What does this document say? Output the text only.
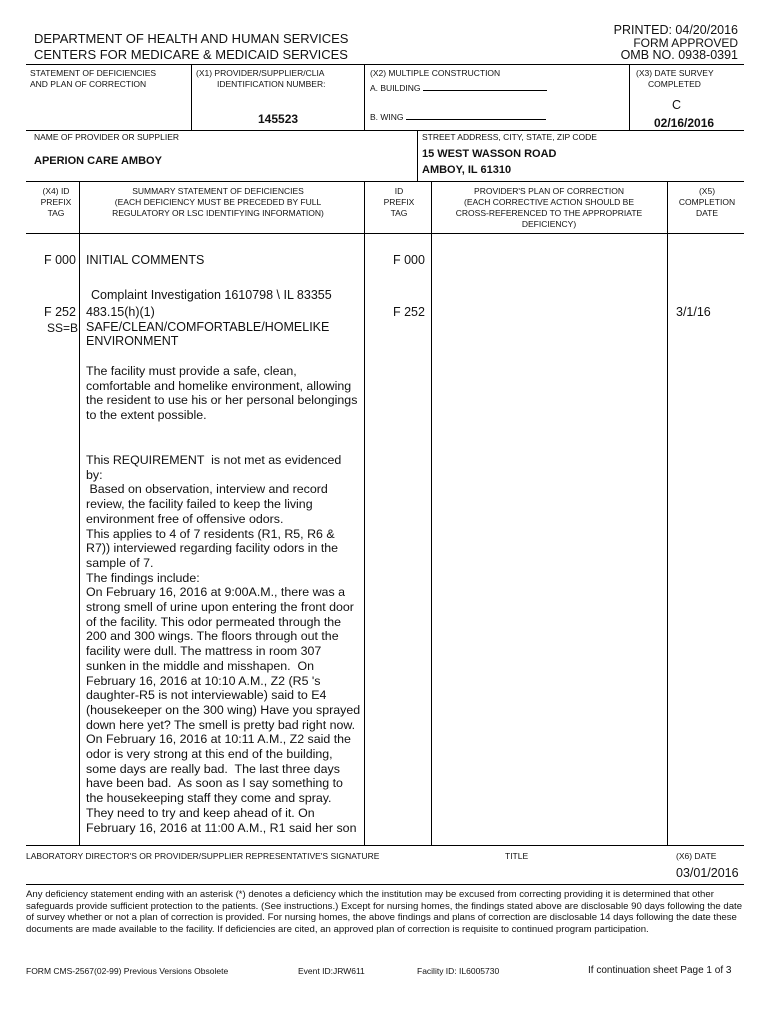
DEPARTMENT OF HEALTH AND HUMAN SERVICES
CENTERS FOR MEDICARE & MEDICAID SERVICES
PRINTED: 04/20/2016
FORM APPROVED
OMB NO. 0938-0391
STATEMENT OF DEFICIENCIES
AND PLAN OF CORRECTION
(X1) PROVIDER/SUPPLIER/CLIA
IDENTIFICATION NUMBER:
145523
(X2) MULTIPLE CONSTRUCTION
A. BUILDING
B. WING
(X3) DATE SURVEY
COMPLETED
C
02/16/2016
NAME OF PROVIDER OR SUPPLIER
APERION CARE AMBOY
STREET ADDRESS, CITY, STATE, ZIP CODE
15 WEST WASSON ROAD
AMBOY, IL 61310
(X4) ID
PREFIX
TAG
SUMMARY STATEMENT OF DEFICIENCIES
(EACH DEFICIENCY MUST BE PRECEDED BY FULL
REGULATORY OR LSC IDENTIFYING INFORMATION)
ID
PREFIX
TAG
PROVIDER'S PLAN OF CORRECTION
(EACH CORRECTIVE ACTION SHOULD BE
CROSS-REFERENCED TO THE APPROPRIATE
DEFICIENCY)
(X5)
COMPLETION
DATE
F 000 INITIAL COMMENTS	F 000
Complaint Investigation 1610798 \ IL 83355
F 252
SS=B
483.15(h)(1)
SAFE/CLEAN/COMFORTABLE/HOMELIKE
ENVIRONMENT
F 252	3/1/16
The facility must provide a safe, clean, comfortable and homelike environment, allowing the resident to use his or her personal belongings to the extent possible.
This REQUIREMENT  is not met as evidenced
by:
Based on observation, interview and record
review, the facility failed to keep the living
environment free of offensive odors.
This applies to 4 of 7 residents (R1, R5, R6 &
R7)) interviewed regarding facility odors in the
sample of 7.
The findings include:
On February 16, 2016 at 9:00A.M., there was a
strong smell of urine upon entering the front door
of the facility. This odor permeated through the
200 and 300 wings. The floors through out the
facility were dull. The mattress in room 307
sunken in the middle and misshapen.  On
February 16, 2016 at 10:10 A.M., Z2 (R5 's
daughter-R5 is not interviewable) said to E4
(housekeeper on the 300 wing) Have you sprayed
down here yet? The smell is pretty bad right now.
On February 16, 2016 at 10:11 A.M., Z2 said the
odor is very strong at this end of the building,
some days are really bad.  The last three days
have been bad.  As soon as I say something to
the housekeeping staff they come and spray.
They need to try and keep ahead of it. On
February 16, 2016 at 11:00 A.M., R1 said her son
LABORATORY DIRECTOR'S OR PROVIDER/SUPPLIER REPRESENTATIVE'S SIGNATURE	TITLE	(X6) DATE
03/01/2016
Any deficiency statement ending with an asterisk (*) denotes a deficiency which the institution may be excused from correcting providing it is determined that other safeguards provide sufficient protection to the patients. (See instructions.) Except for nursing homes, the findings stated above are disclosable 90 days following the date of survey whether or not a plan of correction is provided. For nursing homes, the above findings and plans of correction are disclosable 14 days following the date these documents are made available to the facility. If deficiencies are cited, an approved plan of correction is requisite to continued program participation.
FORM CMS-2567(02-99) Previous Versions Obsolete	Event ID:JRW611	Facility ID: IL6005730	If continuation sheet Page 1 of 3
